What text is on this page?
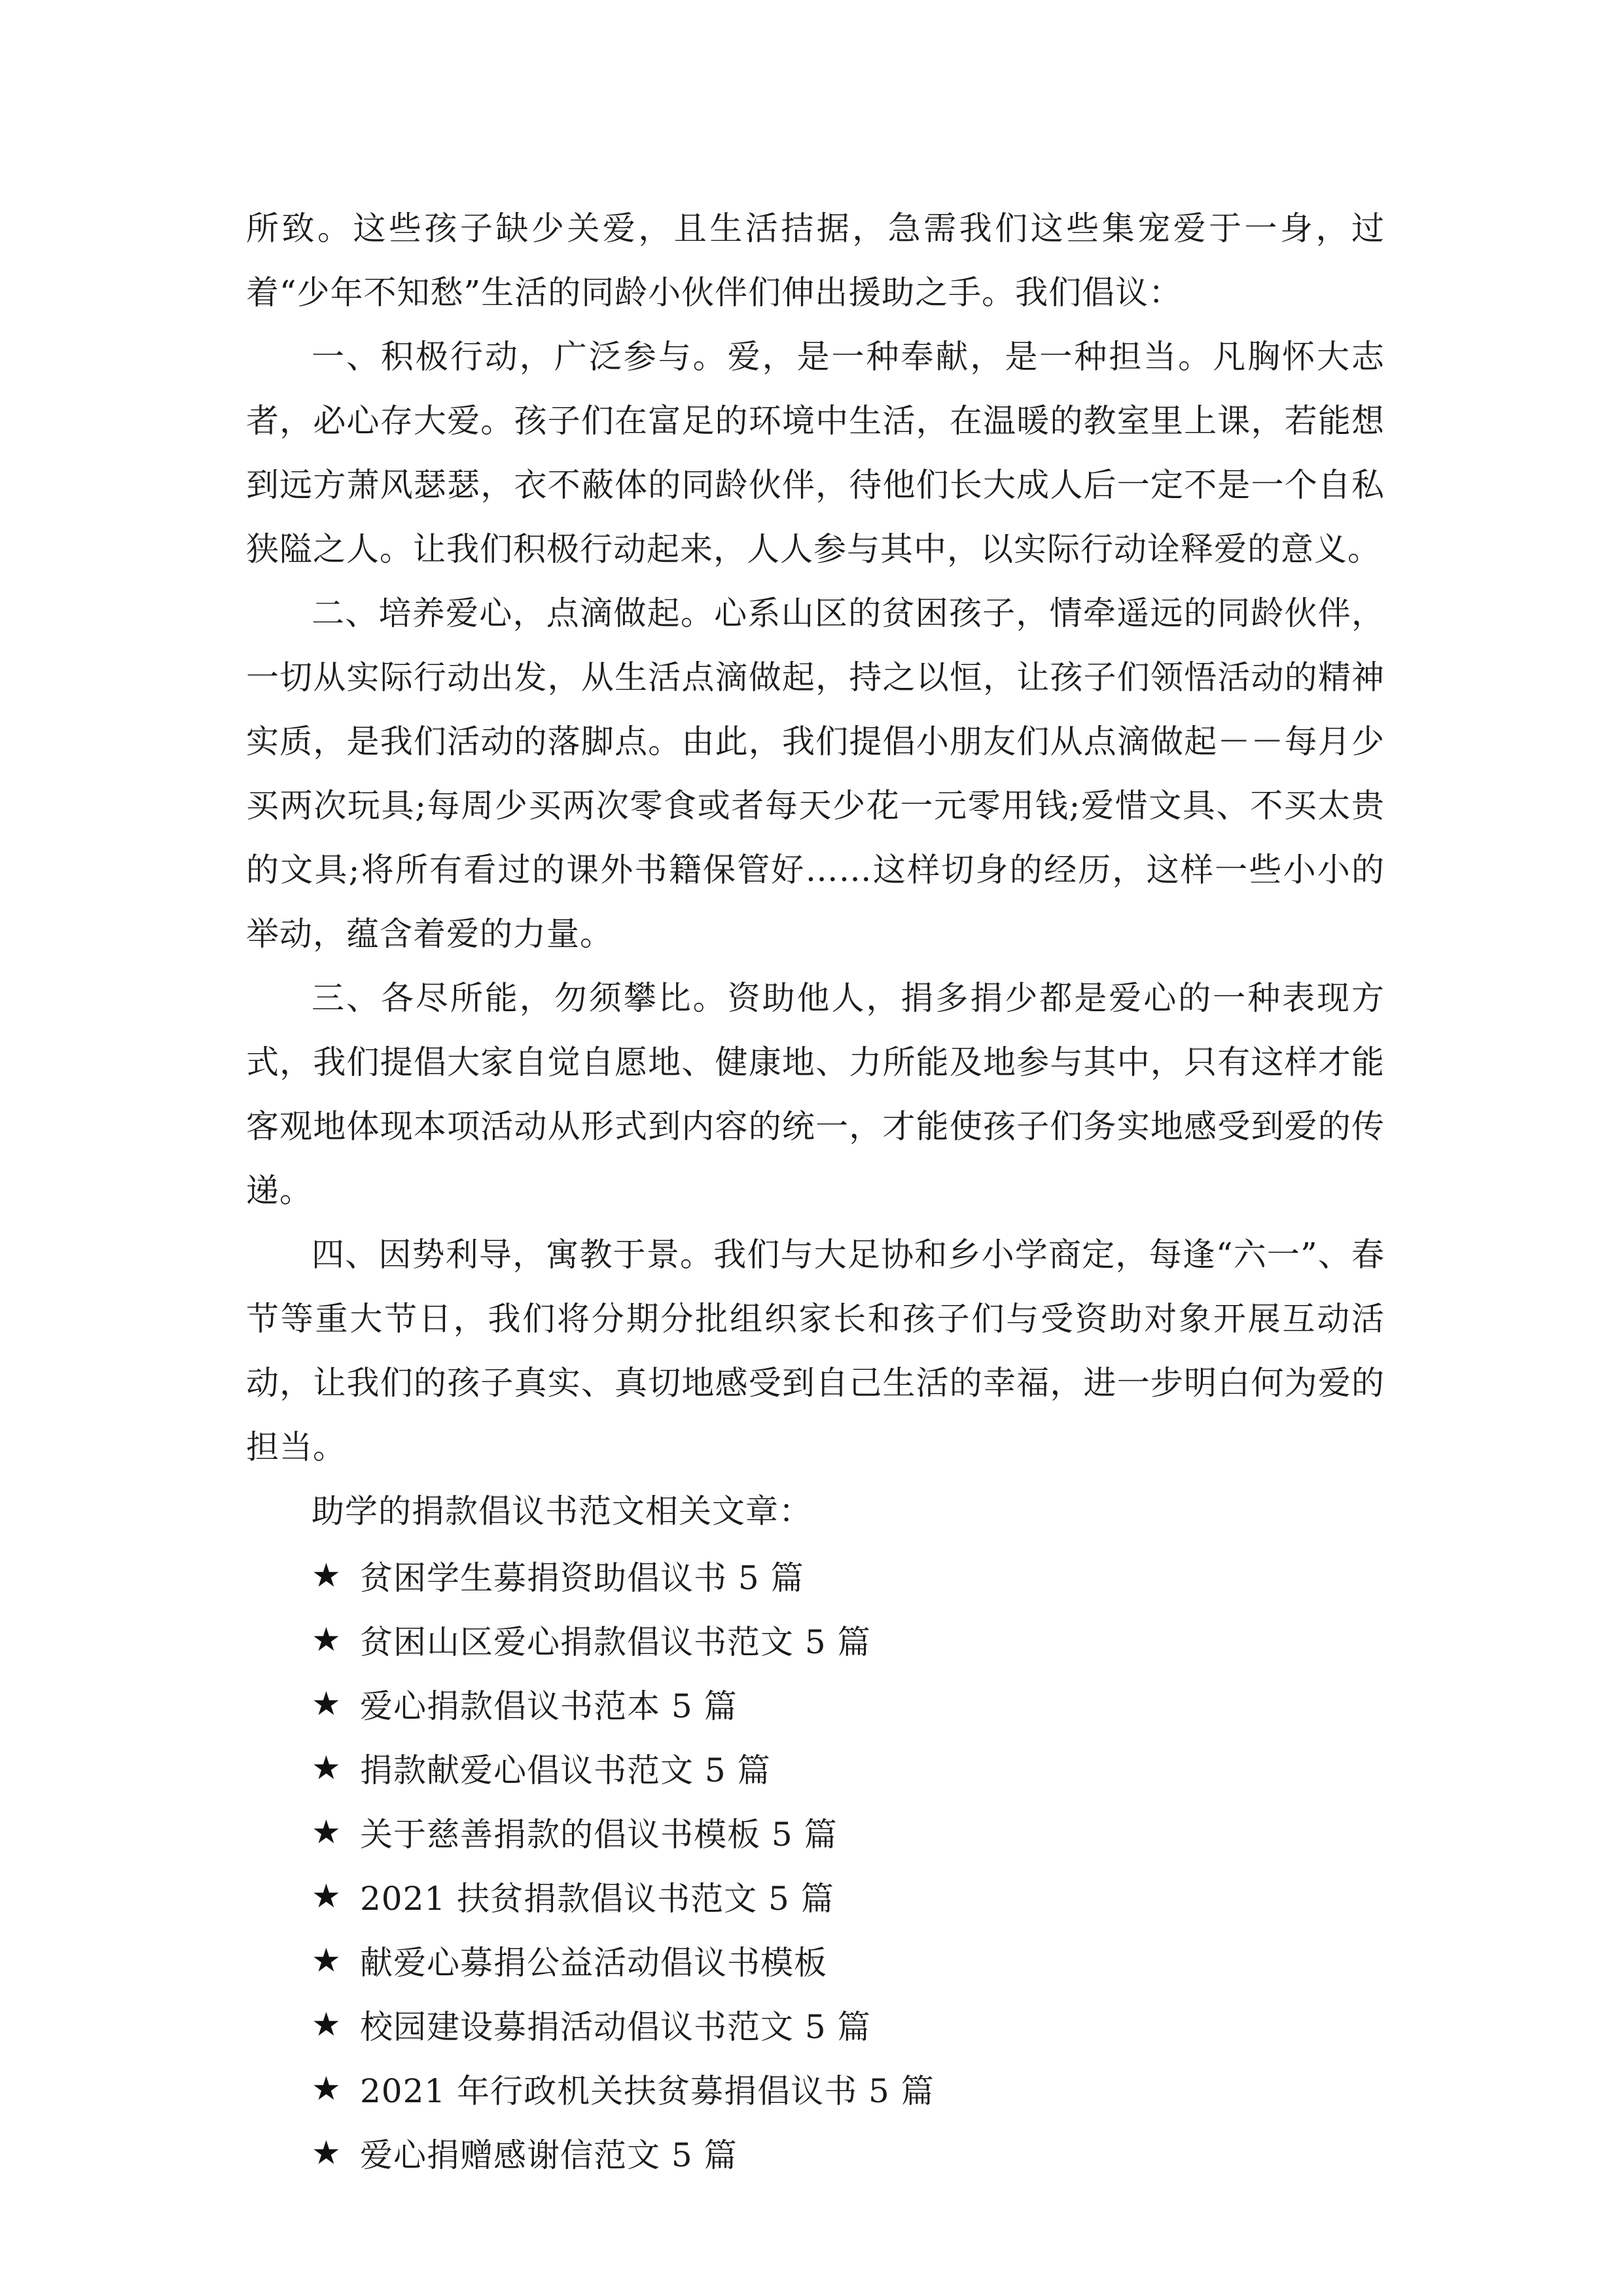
所致。这些孩子缺少关爱，且生活拮据，急需我们这些集宠爱于一身，过着“少年不知愁”生活的同龄小伙伴们伸出援助之手。我们倡议：

一、积极行动，广泛参与。爱，是一种奉献，是一种担当。凡胸怀大志者，必心存大爱。孩子们在富足的环境中生活，在温暖的教室里上课，若能想到远方萧风瑟瑟，衣不蔽体的同龄伙伴，待他们长大成人后一定不是一个自私狭隘之人。让我们积极行动起来，人人参与其中，以实际行动诠释爱的意义。

二、培养爱心，点滴做起。心系山区的贫困孩子，情牵遥远的同龄伙伴，一切从实际行动出发，从生活点滴做起，持之以恒，让孩子们领悟活动的精神实质，是我们活动的落脚点。由此，我们提倡小朋友们从点滴做起－－每月少买两次玩具;每周少买两次零食或者每天少花一元零用钱;爱惜文具、不买太贵的文具;将所有看过的课外书籍保管好……这样切身的经历，这样一些小小的举动，蕴含着爱的力量。

三、各尽所能，勿须攀比。资助他人，捐多捐少都是爱心的一种表现方式，我们提倡大家自觉自愿地、健康地、力所能及地参与其中，只有这样才能客观地体现本项活动从形式到内容的统一，才能使孩子们务实地感受到爱的传递。

四、因势利导，寓教于景。我们与大足协和乡小学商定，每逢“六一”、春节等重大节日，我们将分期分批组织家长和孩子们与受资助对象开展互动活动，让我们的孩子真实、真切地感受到自己生活的幸福，进一步明白何为爱的担当。

助学的捐款倡议书范文相关文章：

★ 贫困学生募捐资助倡议书 5 篇
★ 贫困山区爱心捐款倡议书范文 5 篇
★ 爱心捐款倡议书范本 5 篇
★ 捐款献爱心倡议书范文 5 篇
★ 关于慈善捐款的倡议书模板 5 篇
★ 2021 扶贫捐款倡议书范文 5 篇
★ 献爱心募捐公益活动倡议书模板
★ 校园建设募捐活动倡议书范文 5 篇
★ 2021 年行政机关扶贫募捐倡议书 5 篇
★ 爱心捐赠感谢信范文 5 篇
